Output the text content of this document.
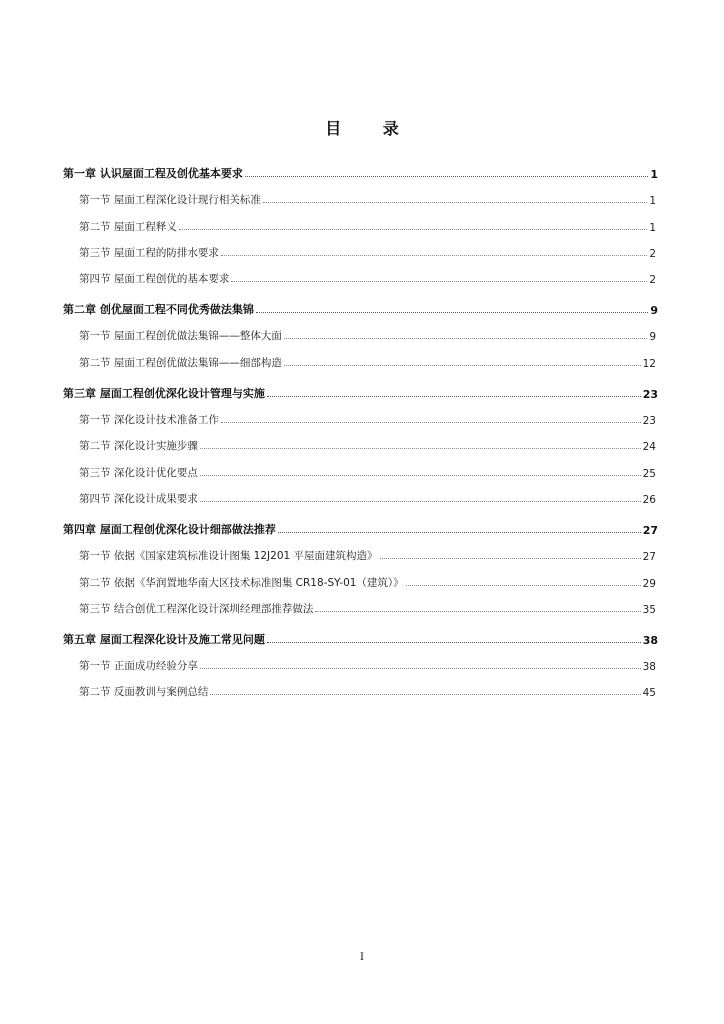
目 录
第一章 认识屋面工程及创优基本要求	1
第一节 屋面工程深化设计现行相关标准	1
第二节 屋面工程释义	1
第三节 屋面工程的防排水要求	2
第四节 屋面工程创优的基本要求	2
第二章 创优屋面工程不同优秀做法集锦	9
第一节 屋面工程创优做法集锦——整体大面	9
第二节 屋面工程创优做法集锦——细部构造	12
第三章 屋面工程创优深化设计管理与实施	23
第一节 深化设计技术准备工作	23
第二节 深化设计实施步骤	24
第三节 深化设计优化要点	25
第四节 深化设计成果要求	26
第四章 屋面工程创优深化设计细部做法推荐	27
第一节 依据《国家建筑标准设计图集 12J201 平屋面建筑构造》	27
第二节 依据《华润置地华南大区技术标准图集 CR18-SY-01（建筑）》	29
第三节 结合创优工程深化设计深圳经理部推荐做法	35
第五章 屋面工程深化设计及施工常见问题	38
第一节 正面成功经验分享	38
第二节 反面教训与案例总结	45
I
